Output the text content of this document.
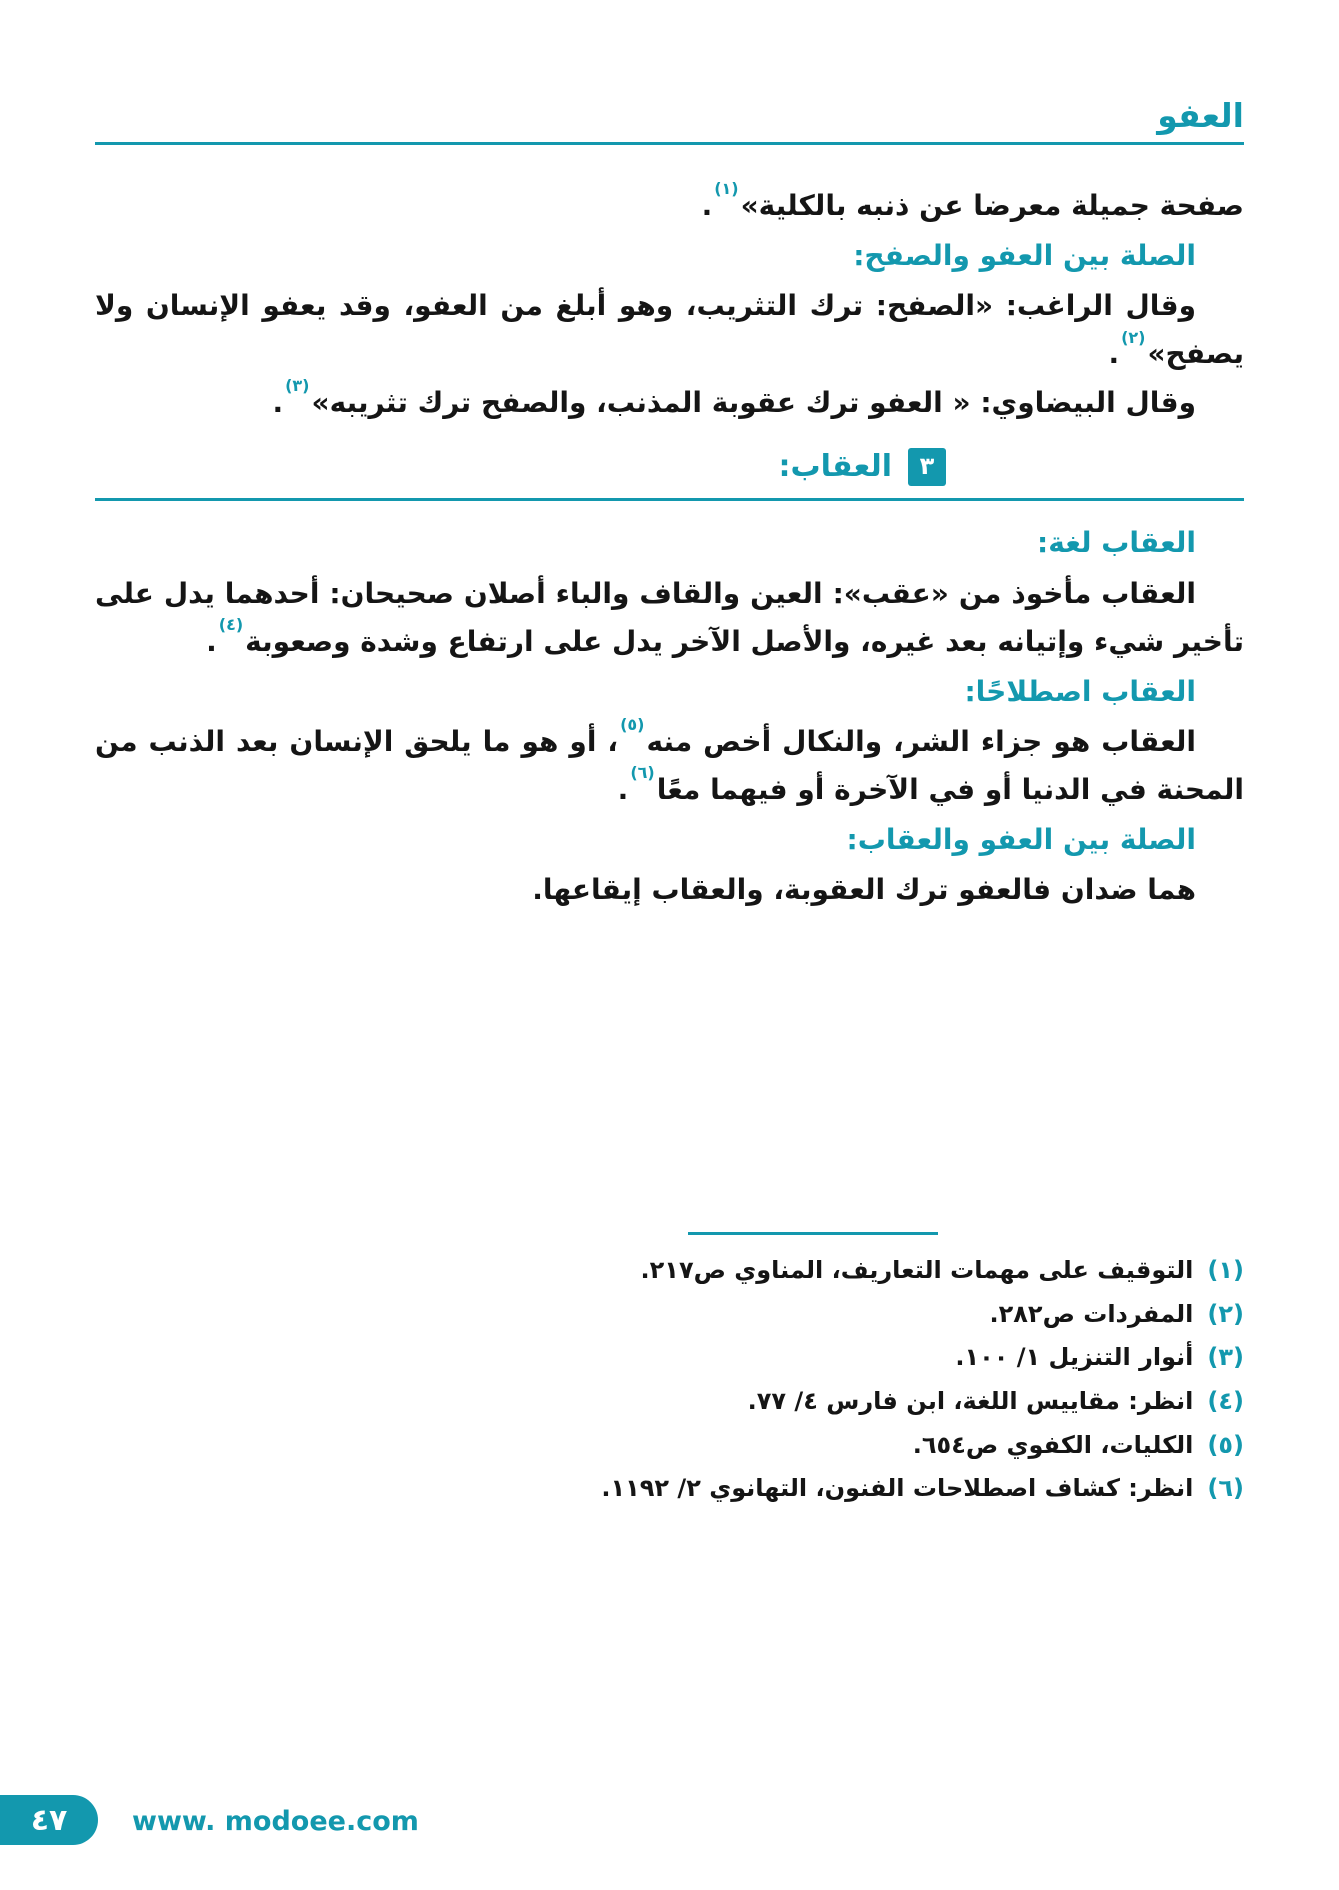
العفو

صفحة جميلة معرضا عن ذنبه بالكلية»$^{(١)}$.

الصلة بين العفو والصفح:

وقال الراغب: «الصفح: ترك التثريب، وهو أبلغ من العفو، وقد يعفو الإنسان ولا يصفح»$^{(٢)}$.

وقال البيضاوي: « العفو ترك عقوبة المذنب، والصفح ترك تثريبه»$^{(٣)}$.

٣
العقاب:
العقاب لغة:

العقاب مأخوذ من «عقب»: العين والقاف والباء أصلان صحيحان: أحدهما يدل على تأخير شيء وإتيانه بعد غيره، والأصل الآخر يدل على ارتفاع وشدة وصعوبة$^{(٤)}$.

العقاب اصطلاحًا:

العقاب هو جزاء الشر، والنكال أخص منه$^{(٥)}$، أو هو ما يلحق الإنسان بعد الذنب من المحنة في الدنيا أو في الآخرة أو فيهما معًا$^{(٦)}$.

الصلة بين العفو والعقاب:

هما ضدان فالعفو ترك العقوبة، والعقاب إيقاعها.

(١)
التوقيف على مهمات التعاريف، المناوي ص٢١٧.
(٢)
المفردات ص٢٨٢.
(٣)
أنوار التنزيل ١/ ١٠٠.
(٤)
انظر: مقاييس اللغة، ابن فارس ٤/ ٧٧.
(٥)
الكليات، الكفوي ص٦٥٤.
(٦)
انظر: كشاف اصطلاحات الفنون، التهانوي ٢/ ١١٩٢.
٤٧ www. modoee.com
